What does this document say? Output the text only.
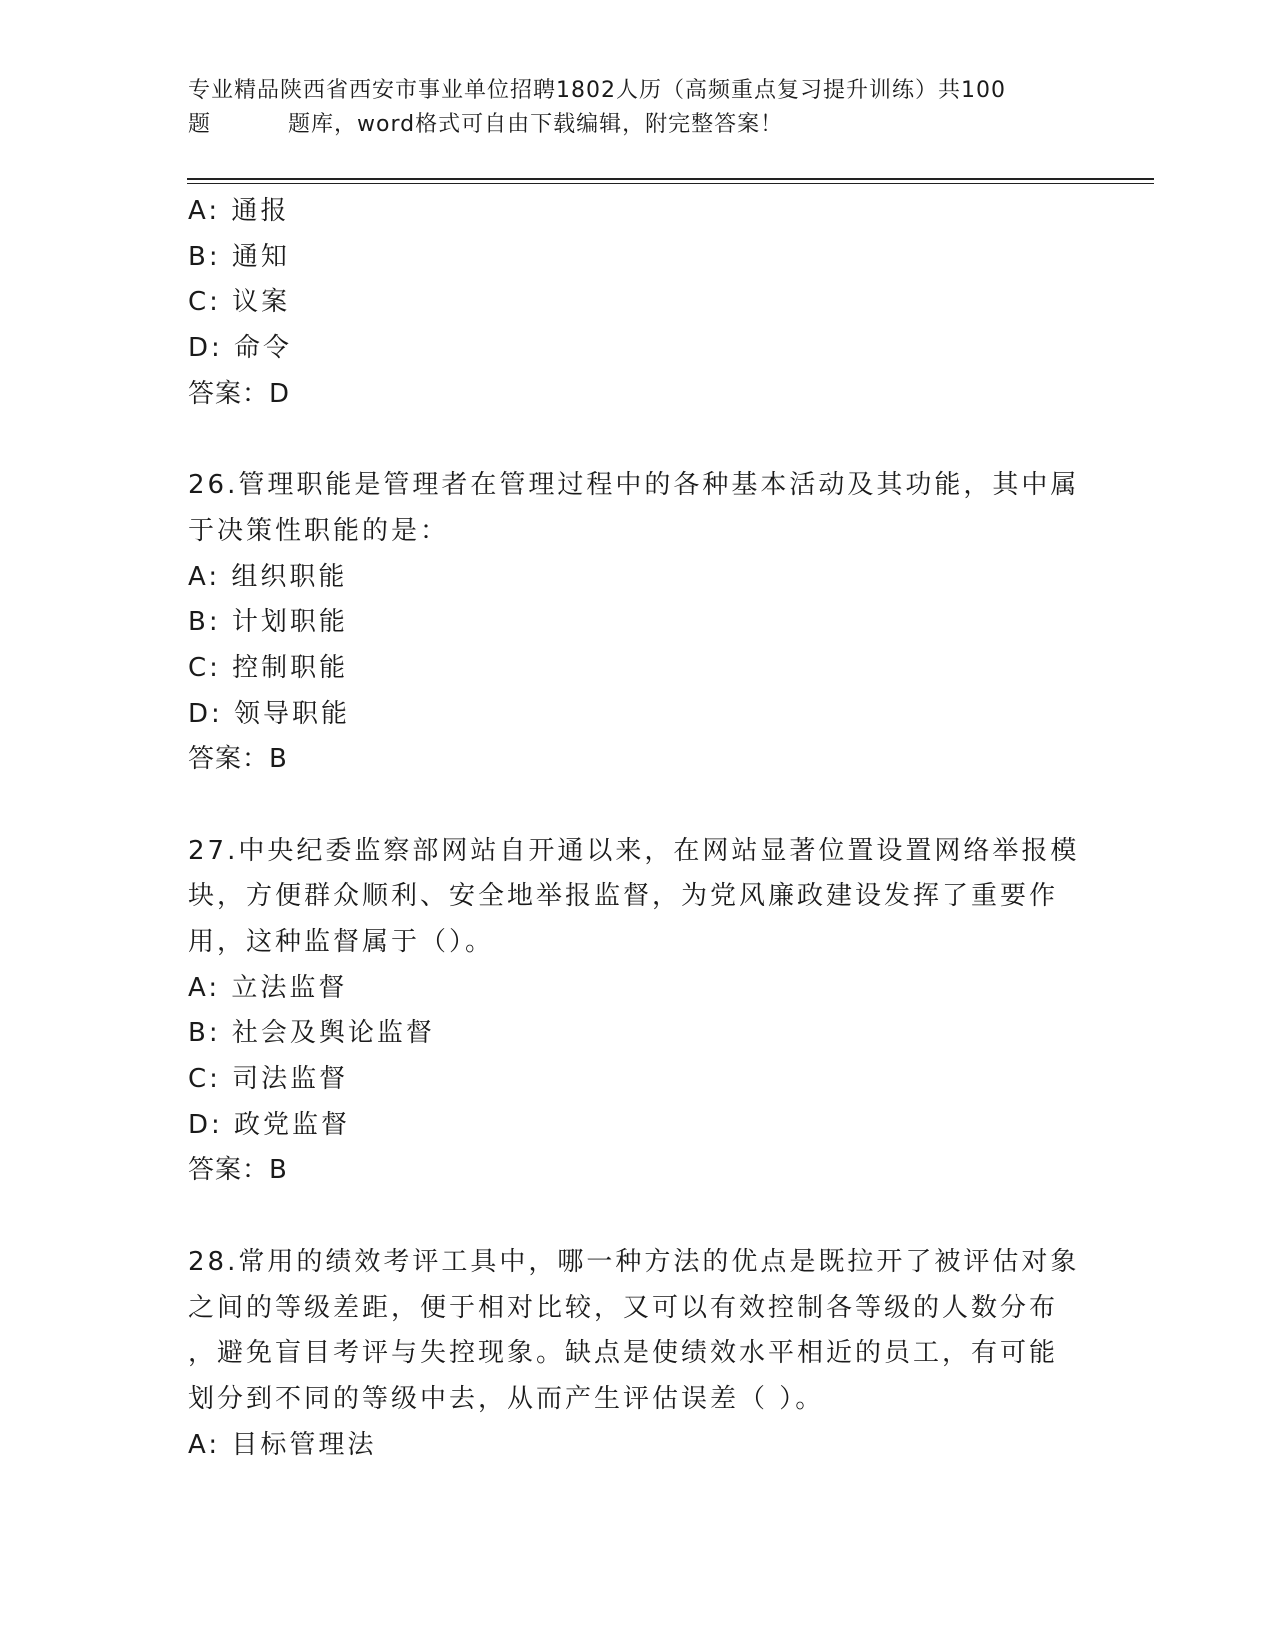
专业精品陕西省西安市事业单位招聘1802人历（高频重点复习提升训练）共100
题	题库，word格式可自由下载编辑，附完整答案！
A: 通报
B: 通知
C: 议案
D: 命令
答案：D
26.管理职能是管理者在管理过程中的各种基本活动及其功能，其中属
于决策性职能的是：
A: 组织职能
B: 计划职能
C: 控制职能
D: 领导职能
答案：B
27.中央纪委监察部网站自开通以来，在网站显著位置设置网络举报模
块，方便群众顺利、安全地举报监督，为党风廉政建设发挥了重要作
用，这种监督属于（）。
A: 立法监督
B: 社会及舆论监督
C: 司法监督
D: 政党监督
答案：B
28.常用的绩效考评工具中，哪一种方法的优点是既拉开了被评估对象
之间的等级差距，便于相对比较，又可以有效控制各等级的人数分布
，避免盲目考评与失控现象。缺点是使绩效水平相近的员工，有可能
划分到不同的等级中去，从而产生评估误差（ ）。
A: 目标管理法
